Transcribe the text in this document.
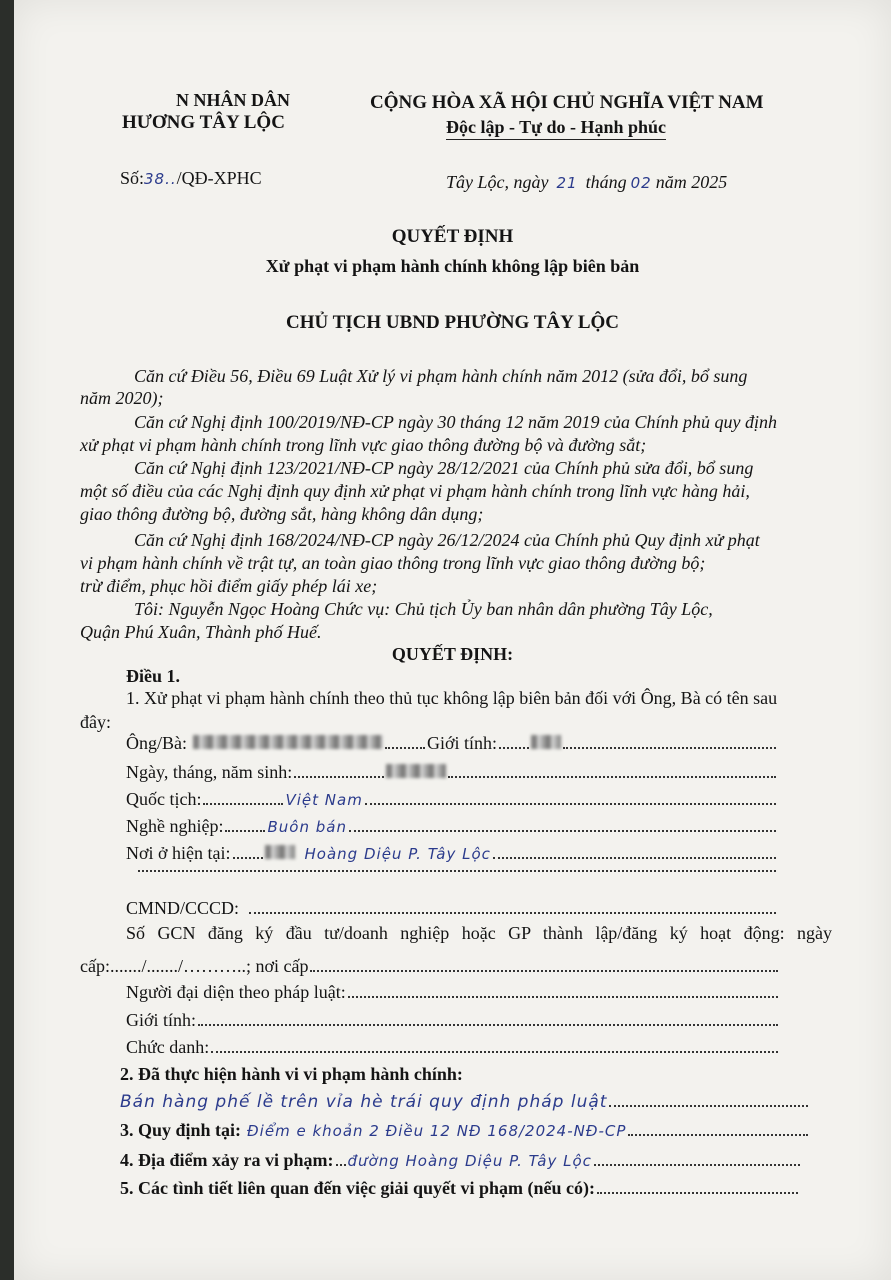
N NHÂN DÂN
HƯƠNG TÂY LỘC
CỘNG HÒA XÃ HỘI CHỦ NGHĨA VIỆT NAM
Độc lập - Tự do - Hạnh phúc
Số:38../QĐ-XPHC	Tây Lộc, ngày 21 tháng 02 năm 2025
QUYẾT ĐỊNH
Xử phạt vi phạm hành chính không lập biên bản
CHỦ TỊCH UBND PHƯỜNG TÂY LỘC
Căn cứ Điều 56, Điều 69 Luật Xử lý vi phạm hành chính năm 2012 (sửa đổi, bổ sung
năm 2020);
Căn cứ Nghị định 100/2019/NĐ-CP ngày 30 tháng 12 năm 2019 của Chính phủ quy định
xử phạt vi phạm hành chính trong lĩnh vực giao thông đường bộ và đường sắt;
Căn cứ Nghị định 123/2021/NĐ-CP ngày 28/12/2021 của Chính phủ sửa đổi, bổ sung
một số điều của các Nghị định quy định xử phạt vi phạm hành chính trong lĩnh vực hàng hải,
giao thông đường bộ, đường sắt, hàng không dân dụng;
Căn cứ Nghị định 168/2024/NĐ-CP ngày 26/12/2024 của Chính phủ Quy định xử phạt
vi phạm hành chính về trật tự, an toàn giao thông trong lĩnh vực giao thông đường bộ;
trừ điểm, phục hồi điểm giấy phép lái xe;
Tôi: Nguyễn Ngọc Hoàng Chức vụ: Chủ tịch Ủy ban nhân dân phường Tây Lộc,
Quận Phú Xuân, Thành phố Huế.
QUYẾT ĐỊNH:
Điều 1.
1. Xử phạt vi phạm hành chính theo thủ tục không lập biên bản đối với Ông, Bà có tên sau
đây:
Ông/Bà:	Giới tính:
Ngày, tháng, năm sinh:
Quốc tịch:	Việt Nam
Nghề nghiệp:	Buôn bán
Nơi ở hiện tại:	Hoàng Diệu P. Tây Lộc
CMND/CCCD:
Số GCN đăng ký đầu tư/doanh nghiệp hoặc GP thành lập/đăng ký hoạt động: ngày
cấp:......./......./………..; nơi cấp
Người đại diện theo pháp luật:
Giới tính:
Chức danh:
2. Đã thực hiện hành vi vi phạm hành chính:
Bán hàng phế lề trên vỉa hè trái quy định pháp luật
3. Quy định tại: Điểm e khoản 2 Điều 12 NĐ 168/2024-NĐ-CP
4. Địa điểm xảy ra vi phạm: đường Hoàng Diệu P. Tây Lộc
5. Các tình tiết liên quan đến việc giải quyết vi phạm (nếu có):
